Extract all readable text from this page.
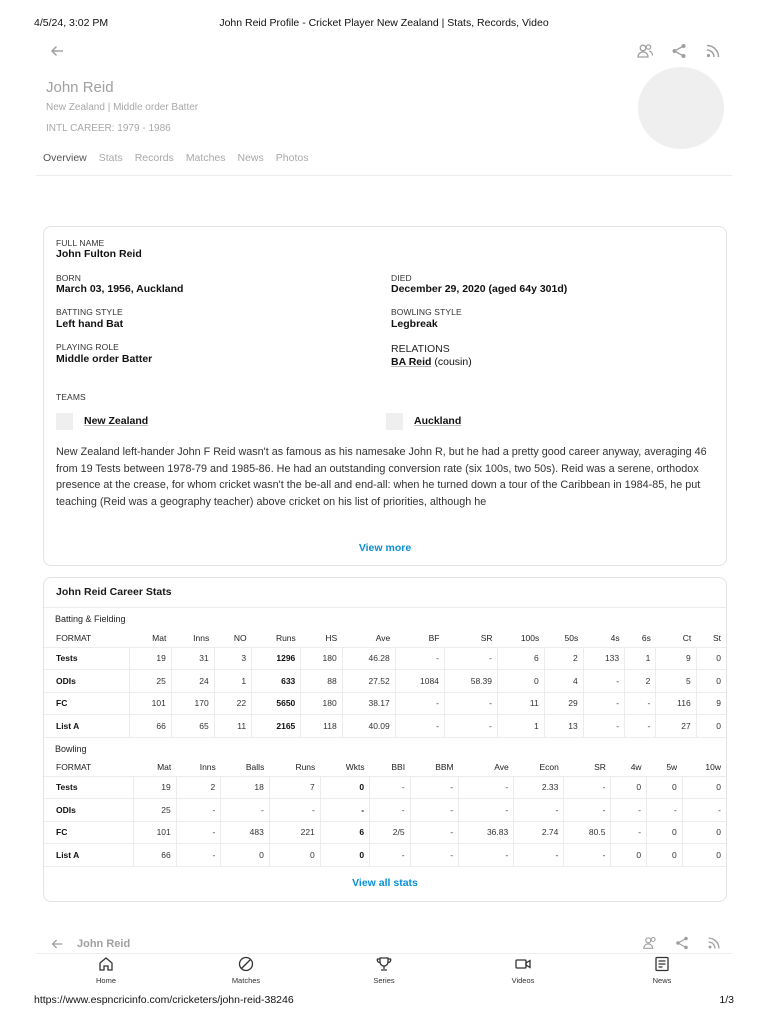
4/5/24, 3:02 PM	John Reid Profile - Cricket Player New Zealand | Stats, Records, Video
John Reid
New Zealand | Middle order Batter
INTL CAREER: 1979 - 1986
Overview Stats Records Matches News Photos
FULL NAME
John Fulton Reid
BORN
March 03, 1956, Auckland
DIED
December 29, 2020 (aged 64y 301d)
BATTING STYLE
Left hand Bat
BOWLING STYLE
Legbreak
PLAYING ROLE
Middle order Batter
RELATIONS
BA Reid (cousin)
TEAMS
New Zealand	Auckland
New Zealand left-hander John F Reid wasn't as famous as his namesake John R, but he had a pretty good career anyway, averaging 46 from 19 Tests between 1978-79 and 1985-86. He had an outstanding conversion rate (six 100s, two 50s). Reid was a serene, orthodox presence at the crease, for whom cricket wasn't the be-all and end-all: when he turned down a tour of the Caribbean in 1984-85, he put teaching (Reid was a geography teacher) above cricket on his list of priorities, although he
View more
John Reid Career Stats
Batting & Fielding
FORMAT	Mat	Inns	NO	Runs	HS	Ave	BF	SR	100s	50s	4s	6s	Ct	St
Tests	19	31	3	1296	180	46.28	-	-	6	2	133	1	9	0
ODIs	25	24	1	633	88	27.52	1084	58.39	0	4	-	2	5	0
FC	101	170	22	5650	180	38.17	-	-	11	29	-	-	116	9
List A	66	65	11	2165	118	40.09	-	-	1	13	-	-	27	0
Bowling
FORMAT	Mat	Inns	Balls	Runs	Wkts	BBI	BBM	Ave	Econ	SR	4w	5w	10w
Tests	19	2	18	7	0	-	-	-	2.33	-	0	0	0
ODIs	25	-	-	-	-	-	-	-	-	-	-	-	-
FC	101	-	483	221	6	2/5	-	36.83	2.74	80.5	-	0	0
List A	66	-	0	0	0	-	-	-	-	-	0	0	0
View all stats
John Reid
Home	Matches	Series	Videos	News
https://www.espncricinfo.com/cricketers/john-reid-38246	1/3
